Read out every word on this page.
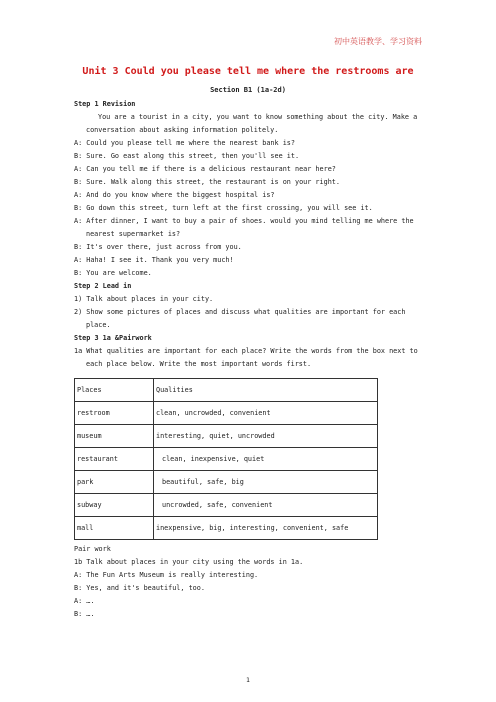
初中英语教学、学习资料
Unit 3 Could you please tell me where the restrooms are
Section B1 (1a-2d)
Step 1 Revision
You are a tourist in a city, you want to know something about the city. Make a conversation about asking information politely.
A: Could you please tell me where the nearest bank is?
B: Sure. Go east along this street, then you'll see it.
A: Can you tell me if there is a delicious restaurant near here?
B: Sure. Walk along this street, the restaurant is on your right.
A: And do you know where the biggest hospital is?
B: Go down this street, turn left at the first crossing, you will see it.
A: After dinner, I want to buy a pair of shoes. would you mind telling me where the nearest supermarket is?
B: It's over there, just across from you.
A: Haha! I see it. Thank you very much!
B: You are welcome.
Step 2 Lead in
1) Talk about places in your city.
2) Show some pictures of places and discuss what qualities are important for each place.
Step 3 1a &Pairwork
1a What qualities are important for each place? Write the words from the box next to each place below. Write the most important words first.
Places	Qualities
restroom	clean, uncrowded, convenient
museum	interesting, quiet, uncrowded
restaurant	clean, inexpensive, quiet
park	beautiful, safe, big
subway	uncrowded, safe, convenient
mall	inexpensive, big, interesting, convenient, safe
Pair work
1b Talk about places in your city using the words in 1a.
A: The Fun Arts Museum is really interesting.
B: Yes, and it's beautiful, too.
A: ….
B: ….
1
